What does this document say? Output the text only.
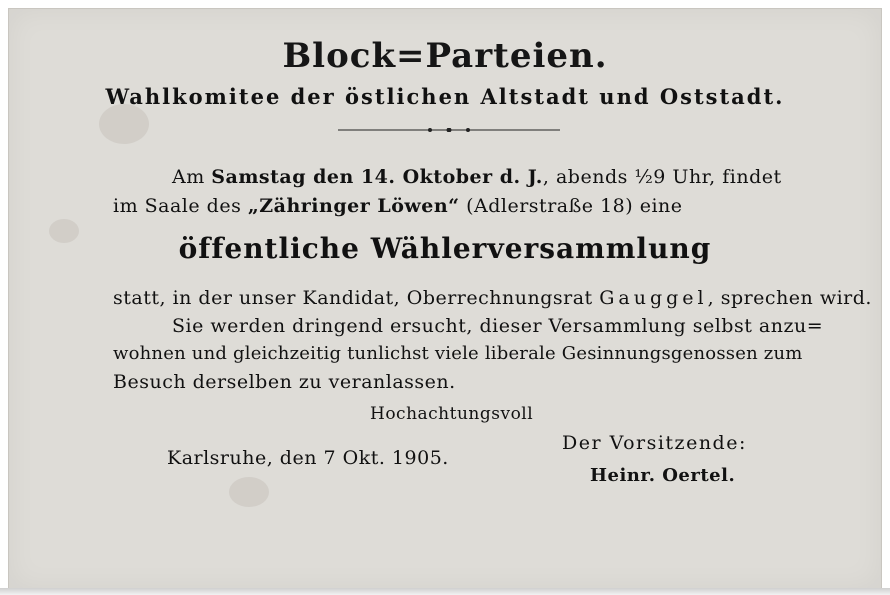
Block=Parteien.
Wahlkomitee der östlichen Altstadt und Oststadt.
Am Samstag den 14. Oktober d. J., abends ½9 Uhr, findet
im Saale des „Zähringer Löwen“ (Adlerstraße 18) eine
öffentliche Wählerversammlung
statt, in der unser Kandidat, Oberrechnungsrat Gauggel, sprechen wird.
Sie werden dringend ersucht, dieser Versammlung selbst anzu=
wohnen und gleichzeitig tunlichst viele liberale Gesinnungsgenossen zum
Besuch derselben zu veranlassen.
Hochachtungsvoll
Karlsruhe, den 7 Okt. 1905.
Der Vorsitzende:
Heinr. Oertel.
